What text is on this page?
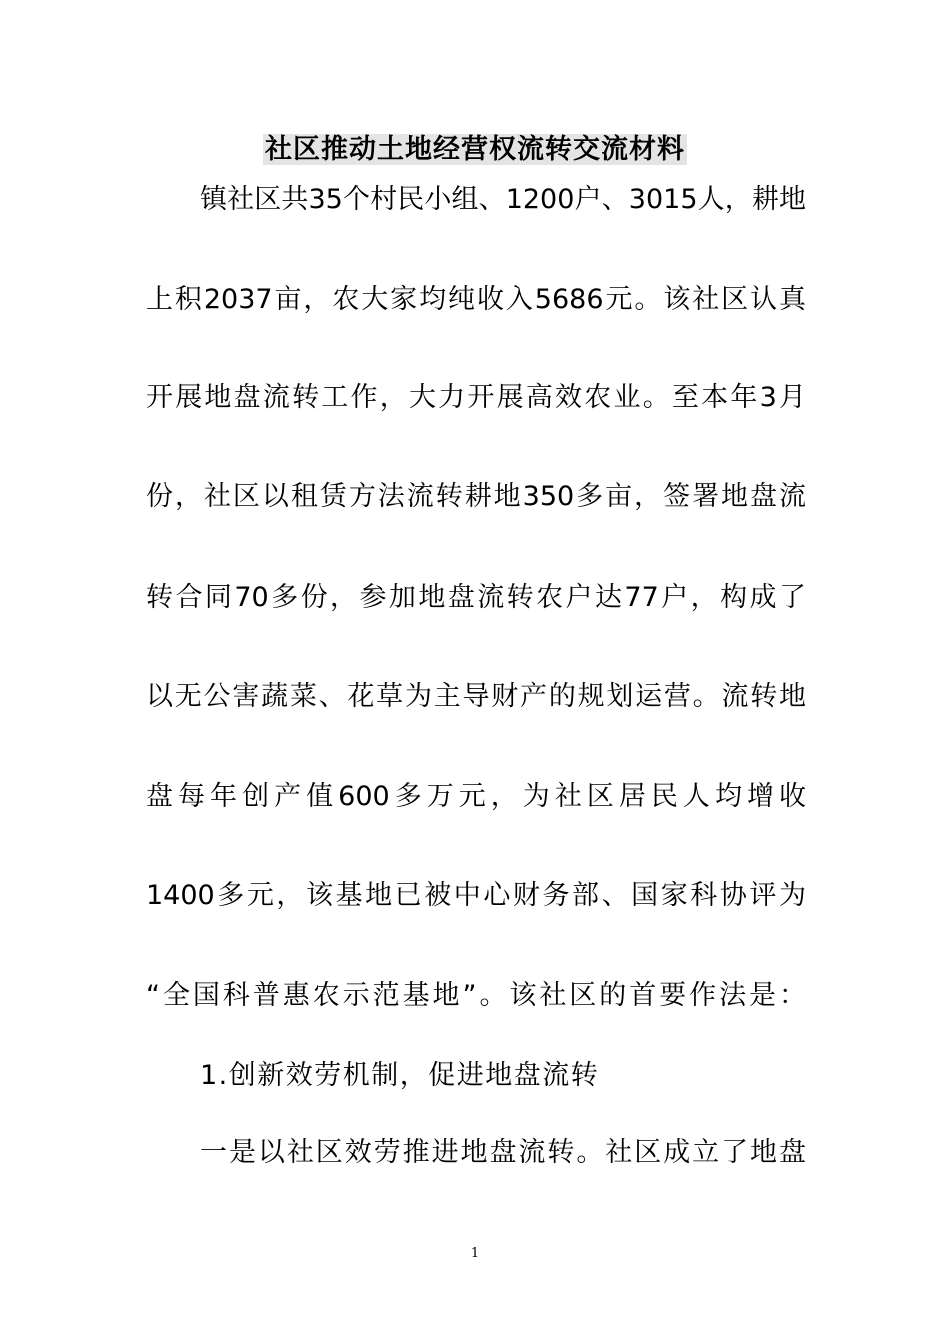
社区推动土地经营权流转交流材料
镇社区共35个村民小组、1200户、3015人，耕地
上积2037亩，农大家均纯收入5686元。该社区认真
开展地盘流转工作，大力开展高效农业。至本年3月
份，社区以租赁方法流转耕地350多亩，签署地盘流
转合同70多份，参加地盘流转农户达77户，构成了
以无公害蔬菜、花草为主导财产的规划运营。流转地
盘每年创产值600多万元，为社区居民人均增收
1400多元，该基地已被中心财务部、国家科协评为
“全国科普惠农示范基地”。该社区的首要作法是：
1.创新效劳机制，促进地盘流转
一是以社区效劳推进地盘流转。社区成立了地盘
1
